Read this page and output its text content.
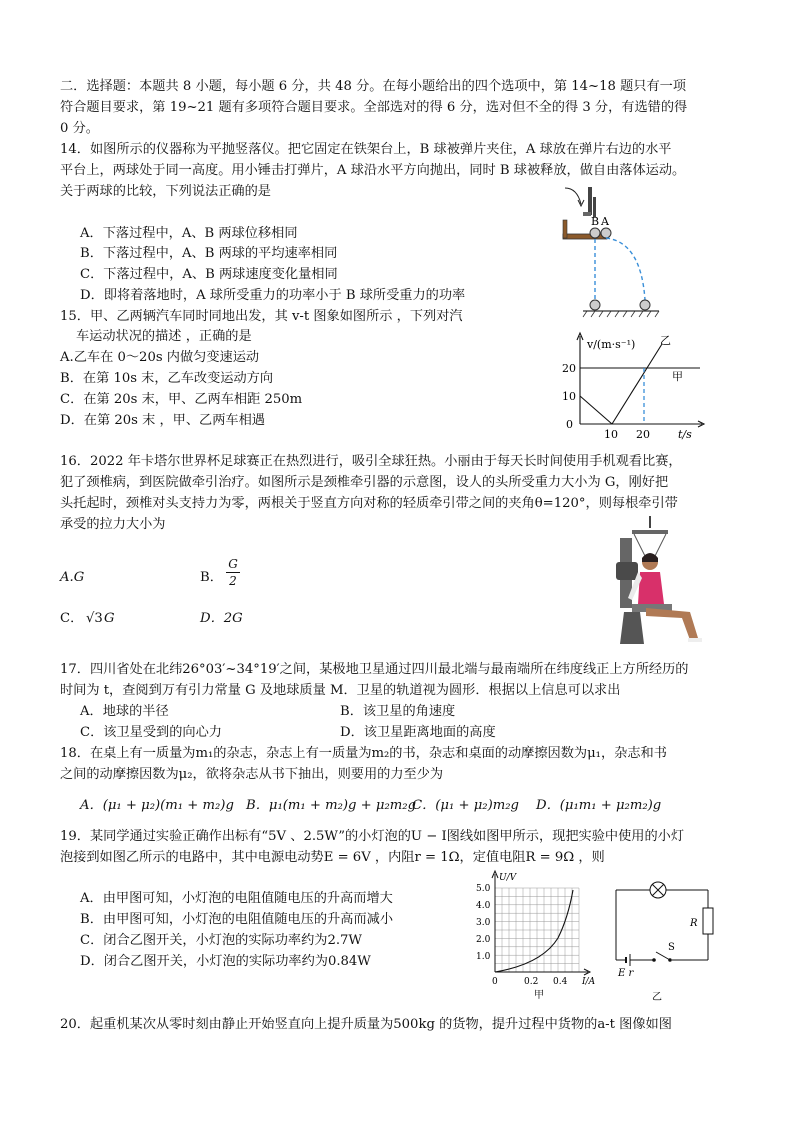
二．选择题：本题共 8 小题，每小题 6 分，共 48 分。在每小题给出的四个选项中，第 14~18 题只有一项
符合题目要求，第 19~21 题有多项符合题目要求。全部选对的得 6 分，选对但不全的得 3 分，有选错的得
0 分。
14．如图所示的仪器称为平抛竖落仪。把它固定在铁架台上，B 球被弹片夹住，A 球放在弹片右边的水平
平台上，两球处于同一高度。用小锤击打弹片，A 球沿水平方向抛出，同时 B 球被释放，做自由落体运动。
关于两球的比较，下列说法正确的是
A．下落过程中，A、B 两球位移相同
B．下落过程中，A、B 两球的平均速率相同
C．下落过程中，A、B 两球速度变化量相同
D．即将着落地时，A 球所受重力的功率小于 B 球所受重力的功率
B A
15．甲、乙两辆汽车同时同地出发，其 v-t 图象如图所示 ，下列对汽
车运动状况的描述 ，正确的是
A.乙车在 0～20s 内做匀变速运动
B．在第 10s 末，乙车改变运动方向
C．在第 20s 末，甲、乙两车相距 250m
D．在第 20s 末 ，甲、乙两车相遇
v/(m·s⁻¹)
t/s
20
10
0
10 20
甲
乙
16．2022 年卡塔尔世界杯足球赛正在热烈进行，吸引全球狂热。小丽由于每天长时间使用手机观看比赛，
犯了颈椎病，到医院做牵引治疗。如图所示是颈椎牵引器的示意图，设人的头所受重力大小为 G，刚好把
头托起时，颈椎对头支持力为零，两根关于竖直方向对称的轻质牵引带之间的夹角θ=120°，则每根牵引带
承受的拉力大小为
A.G	B． $\frac{G}{2}$
C． √3 G	D．2G
17．四川省处在北纬26°03′~34°19′之间，某极地卫星通过四川最北端与最南端所在纬度线正上方所经历的
时间为 t，查阅到万有引力常量 G 及地球质量 M．卫星的轨道视为圆形．根据以上信息可以求出
A．地球的半径	B．该卫星的角速度
C．该卫星受到的向心力	D．该卫星距离地面的高度
18．在桌上有一质量为m₁的杂志，杂志上有一质量为m₂的书，杂志和桌面的动摩擦因数为μ₁，杂志和书
之间的动摩擦因数为μ₂，欲将杂志从书下抽出，则要用的力至少为
A．(μ₁ + μ₂)(m₁ + m₂)g B．μ₁(m₁ + m₂)g + μ₂m₂g
C．(μ₁ + μ₂)m₂g D．(μ₁m₁ + μ₂m₂)g
19．某同学通过实验正确作出标有“5V 、2.5W”的小灯泡的U − I图线如图甲所示，现把实验中使用的小灯
泡接到如图乙所示的电路中，其中电源电动势E = 6V ，内阻r = 1Ω，定值电阻R = 9Ω ，则
A．由甲图可知，小灯泡的电阻值随电压的升高而增大
B．由甲图可知，小灯泡的电阻值随电压的升高而减小
C．闭合乙图开关，小灯泡的实际功率约为2.7W
D．闭合乙图开关，小灯泡的实际功率约为0.84W
U/V
I/A
5.0
4.0
3.0
2.0
1.0
0	0.2 0.4
甲
R
S
E r
乙
20．起重机某次从零时刻由静止开始竖直向上提升质量为500kg 的货物，提升过程中货物的a-t 图像如图
